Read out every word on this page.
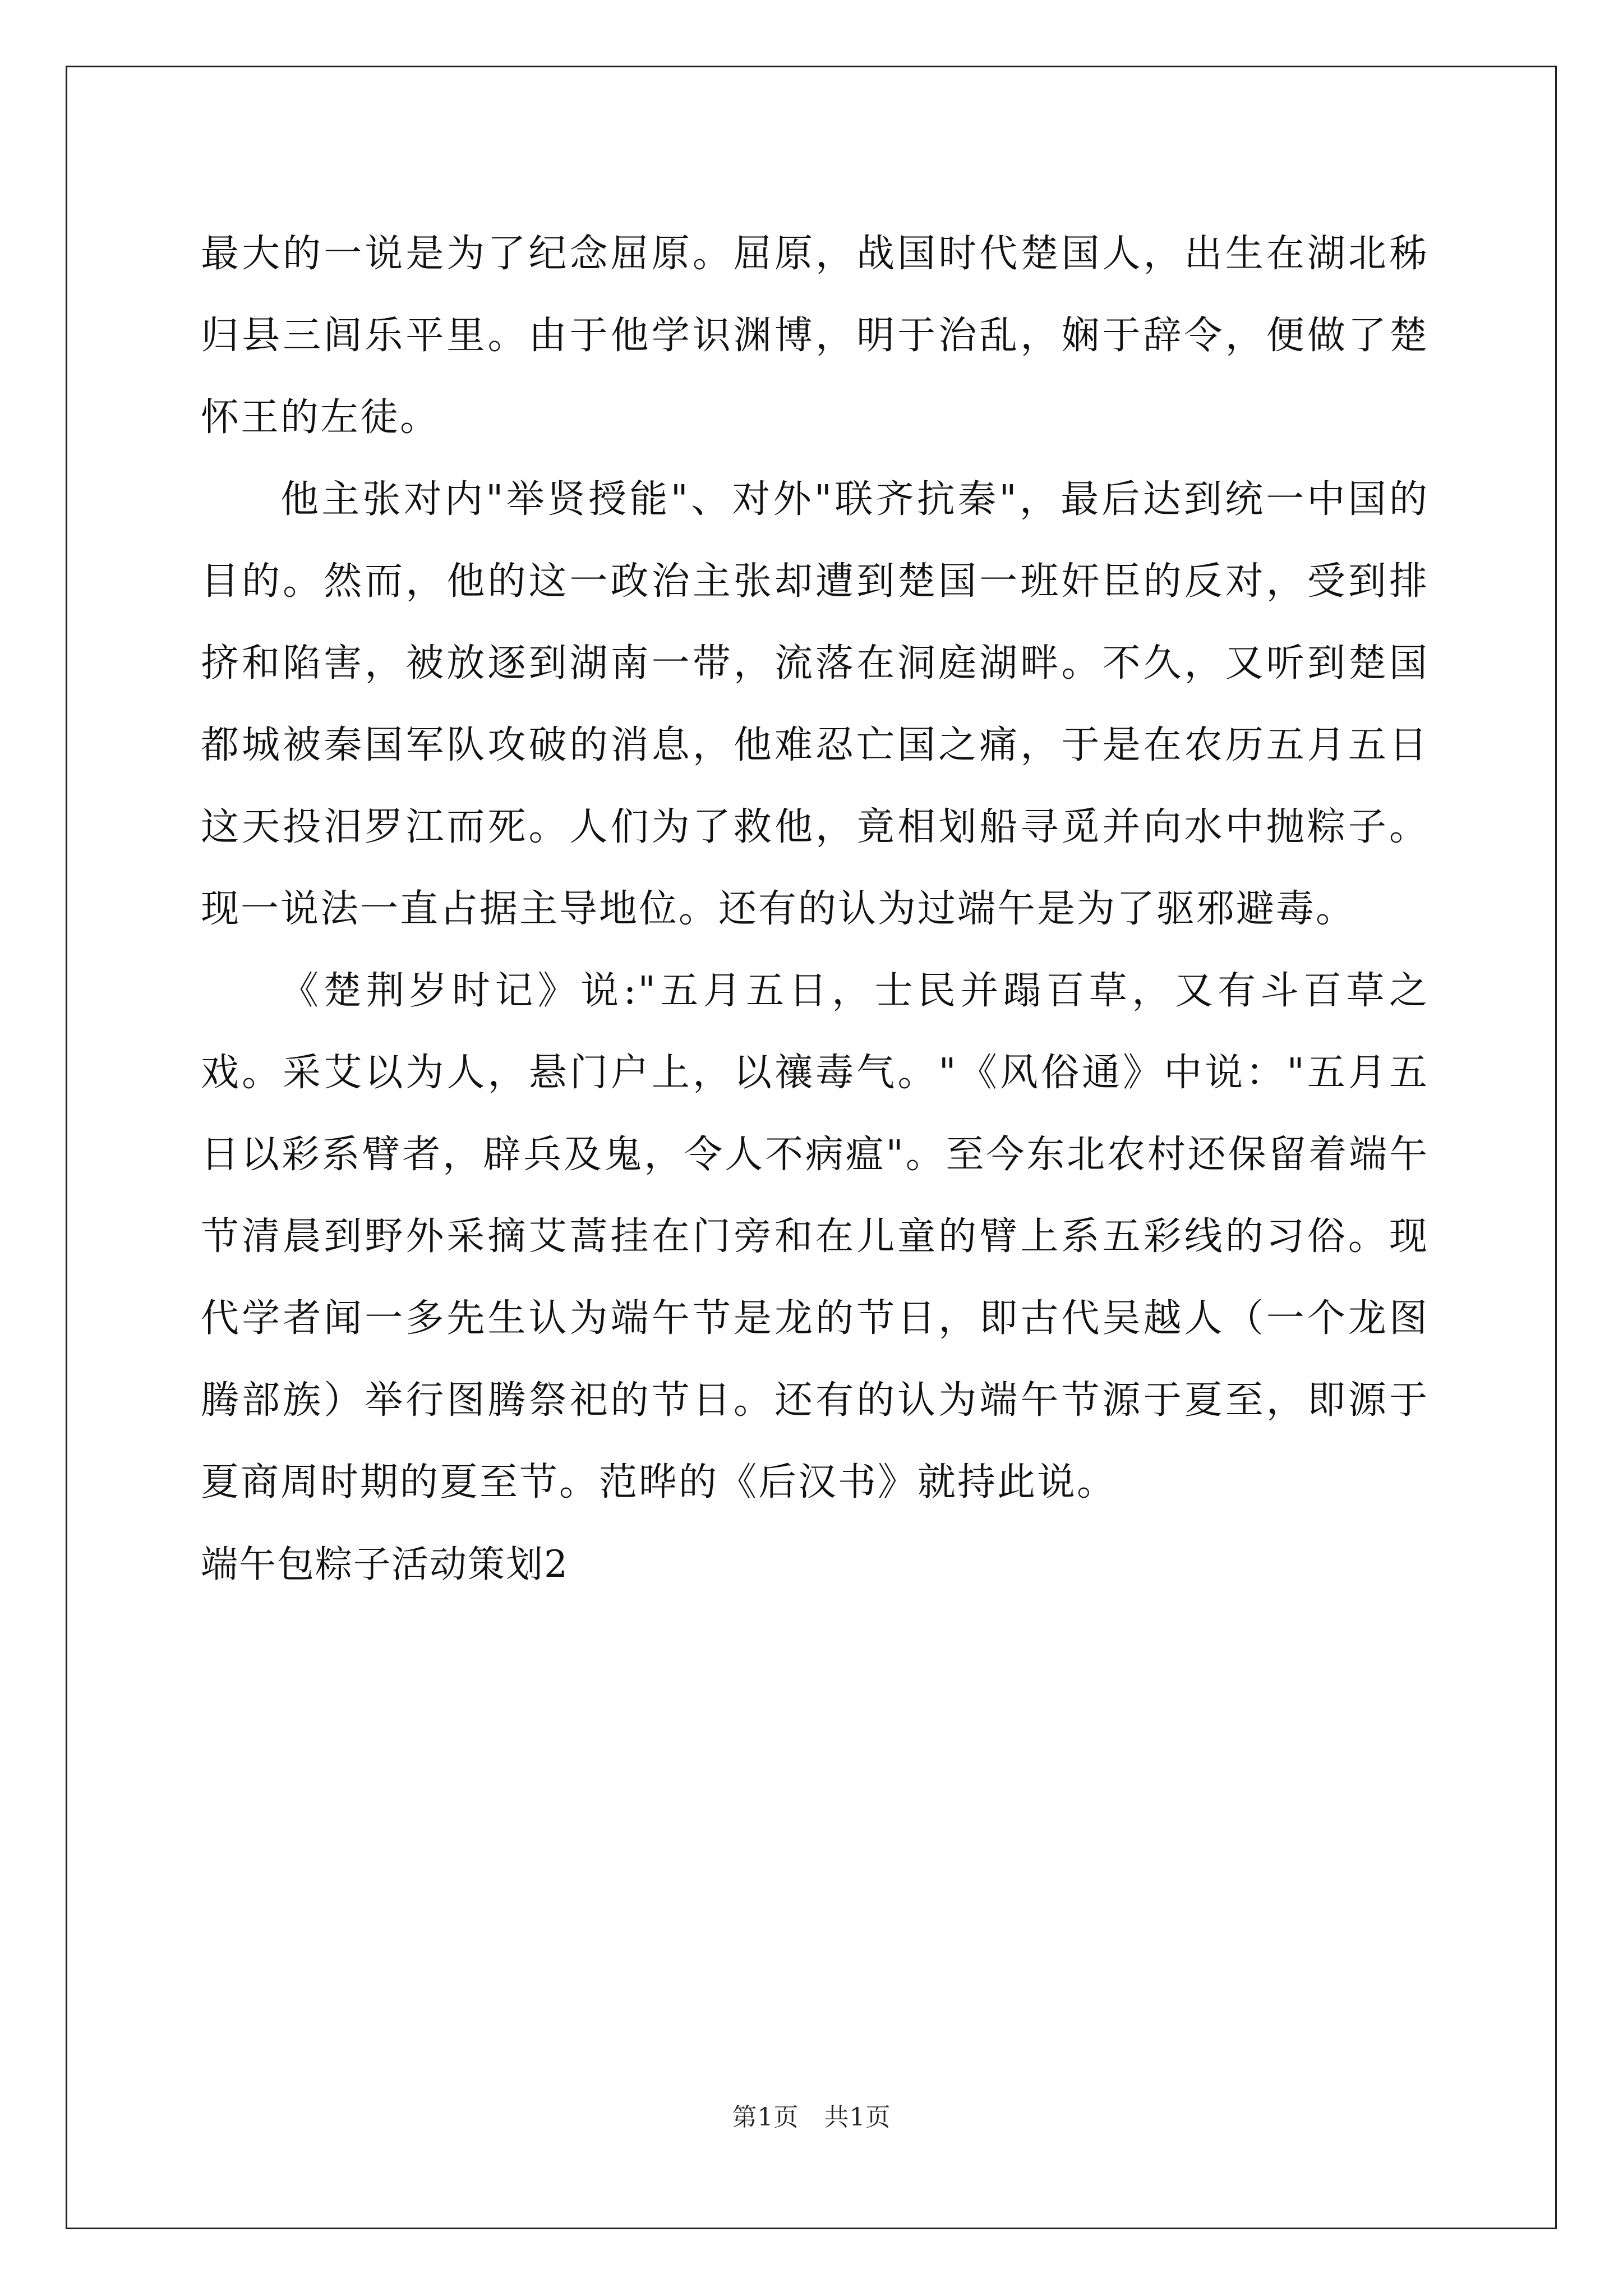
最大的一说是为了纪念屈原。屈原，战国时代楚国人，出生在湖北秭归县三闾乐平里。由于他学识渊博，明于治乱，娴于辞令，便做了楚怀王的左徒。

他主张对内"举贤授能"、对外"联齐抗秦"，最后达到统一中国的目的。然而，他的这一政治主张却遭到楚国一班奸臣的反对，受到排挤和陷害，被放逐到湖南一带，流落在洞庭湖畔。不久，又听到楚国都城被秦国军队攻破的消息，他难忍亡国之痛，于是在农历五月五日这天投汨罗江而死。人们为了救他，竟相划船寻觅并向水中抛粽子。现一说法一直占据主导地位。还有的认为过端午是为了驱邪避毒。

《楚荆岁时记》说:"五月五日，士民并蹋百草，又有斗百草之戏。采艾以为人，悬门户上，以禳毒气。"《风俗通》中说："五月五日以彩系臂者，辟兵及鬼，令人不病瘟"。至今东北农村还保留着端午节清晨到野外采摘艾蒿挂在门旁和在儿童的臂上系五彩线的习俗。现代学者闻一多先生认为端午节是龙的节日，即古代吴越人（一个龙图腾部族）举行图腾祭祀的节日。还有的认为端午节源于夏至，即源于夏商周时期的夏至节。范晔的《后汉书》就持此说。

端午包粽子活动策划2

第1页　共1页
